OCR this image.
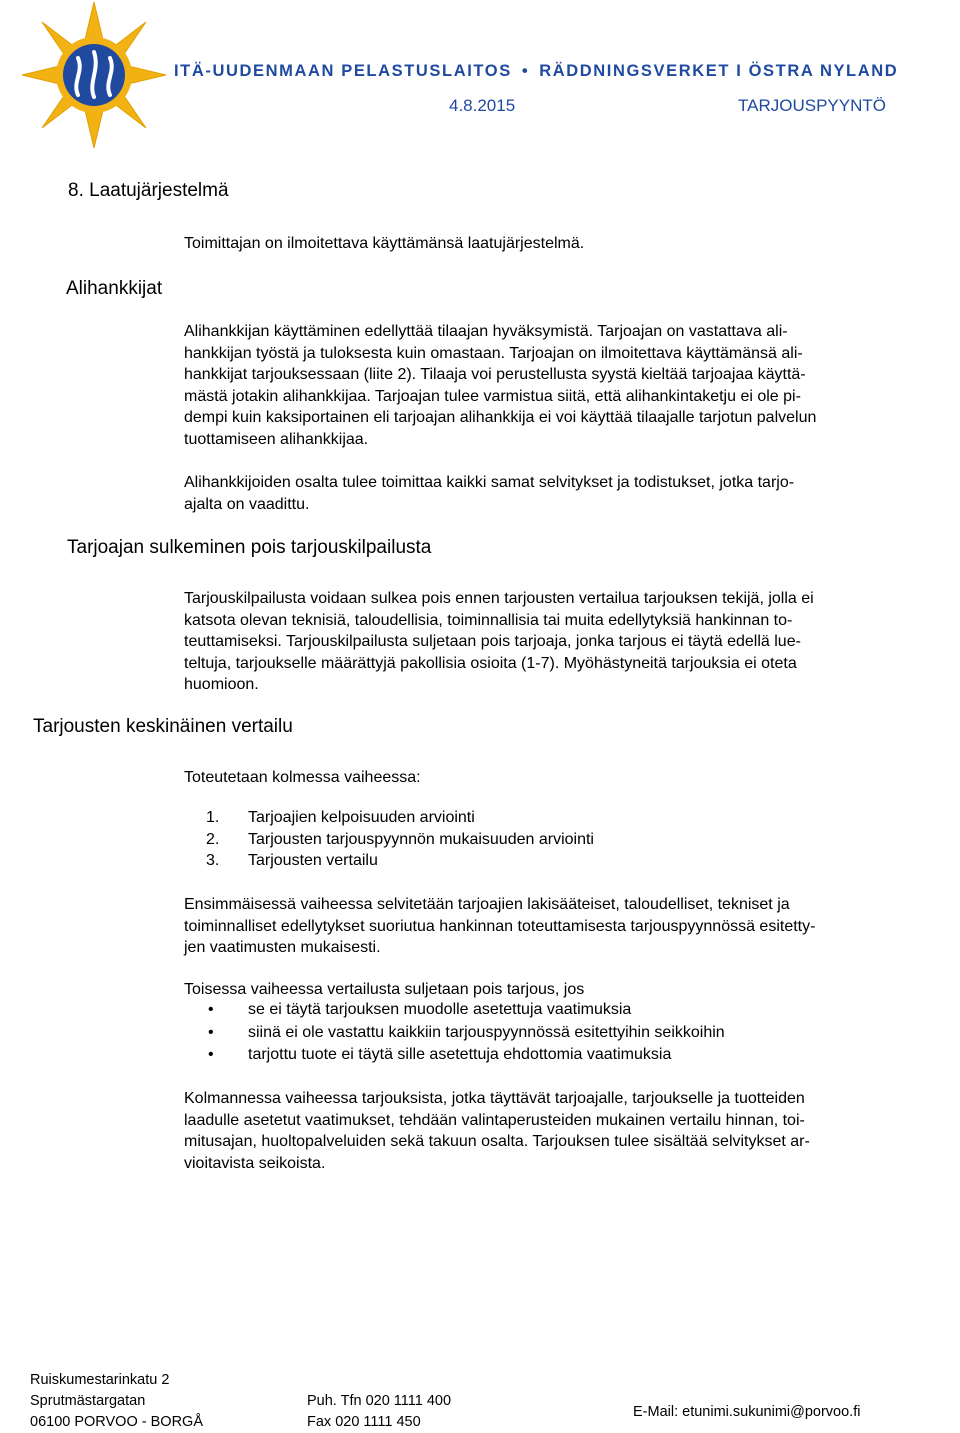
ITÄ-UUDENMAAN PELASTUSLAITOS • RÄDDNINGSVERKET I ÖSTRA NYLAND
4.8.2015	TARJOUSPYYNTÖ
8. Laatujärjestelmä
Toimittajan on ilmoitettava käyttämänsä laatujärjestelmä.
Alihankkijat
Alihankkijan käyttäminen edellyttää tilaajan hyväksymistä. Tarjoajan on vastattava ali-
hankkijan työstä ja tuloksesta kuin omastaan. Tarjoajan on ilmoitettava käyttämänsä ali-
hankkijat tarjouksessaan (liite 2). Tilaaja voi perustellusta syystä kieltää tarjoajaa käyttä-
mästä jotakin alihankkijaa. Tarjoajan tulee varmistua siitä, että alihankintaketju ei ole pi-
dempi kuin kaksiportainen eli tarjoajan alihankkija ei voi käyttää tilaajalle tarjotun palvelun
tuottamiseen alihankkijaa.
Alihankkijoiden osalta tulee toimittaa kaikki samat selvitykset ja todistukset, jotka tarjo-
ajalta on vaadittu.
Tarjoajan sulkeminen pois tarjouskilpailusta
Tarjouskilpailusta voidaan sulkea pois ennen tarjousten vertailua tarjouksen tekijä, jolla ei
katsota olevan teknisiä, taloudellisia, toiminnallisia tai muita edellytyksiä hankinnan to-
teuttamiseksi. Tarjouskilpailusta suljetaan pois tarjoaja, jonka tarjous ei täytä edellä lue-
teltuja, tarjoukselle määrättyjä pakollisia osioita (1-7). Myöhästyneitä tarjouksia ei oteta
huomioon.
Tarjousten keskinäinen vertailu
Toteutetaan kolmessa vaiheessa:
1. Tarjoajien kelpoisuuden arviointi
2. Tarjousten tarjouspyynnön mukaisuuden arviointi
3. Tarjousten vertailu
Ensimmäisessä vaiheessa selvitetään tarjoajien lakisääteiset, taloudelliset, tekniset ja
toiminnalliset edellytykset suoriutua hankinnan toteuttamisesta tarjouspyynnössä esitetty-
jen vaatimusten mukaisesti.
Toisessa vaiheessa vertailusta suljetaan pois tarjous, jos
• se ei täytä tarjouksen muodolle asetettuja vaatimuksia
• siinä ei ole vastattu kaikkiin tarjouspyynnössä esitettyihin seikkoihin
• tarjottu tuote ei täytä sille asetettuja ehdottomia vaatimuksia
Kolmannessa vaiheessa tarjouksista, jotka täyttävät tarjoajalle, tarjoukselle ja tuotteiden
laadulle asetetut vaatimukset, tehdään valintaperusteiden mukainen vertailu hinnan, toi-
mitusajan, huoltopalveluiden sekä takuun osalta. Tarjouksen tulee sisältää selvitykset ar-
vioitavista seikoista.
Ruiskumestarinkatu 2
Sprutmästargatan
06100 PORVOO - BORGÅ
Puh. Tfn 020 1111 400
Fax 020 1111 450
E-Mail: etunimi.sukunimi@porvoo.fi
